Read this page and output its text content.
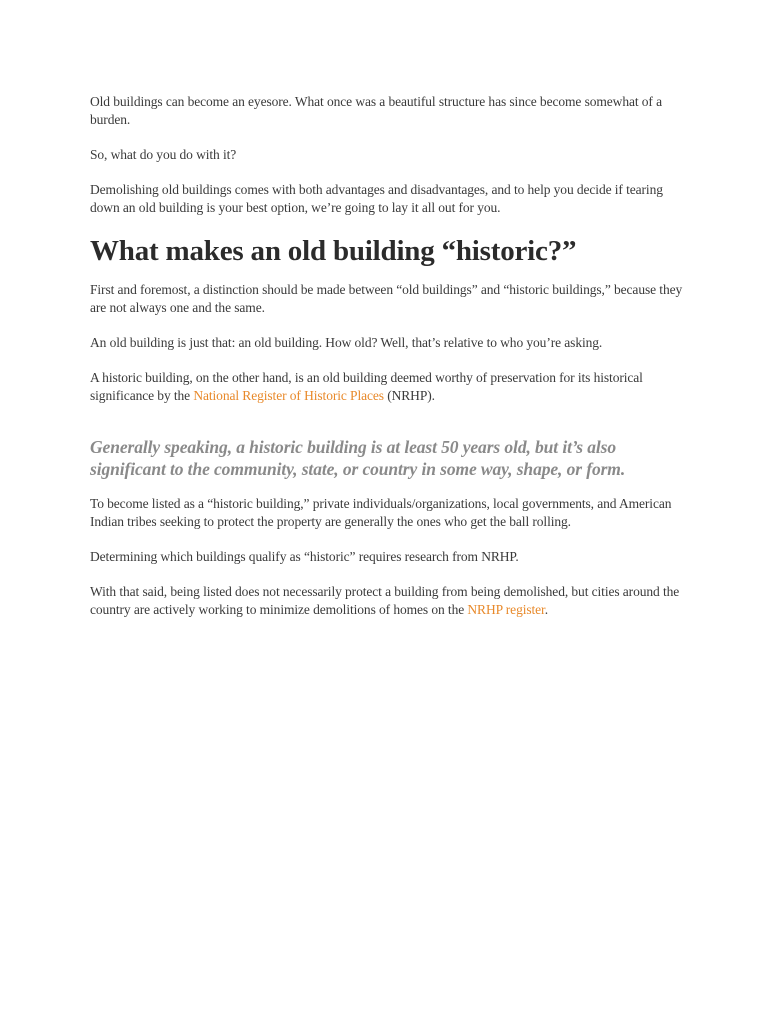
Old buildings can become an eyesore. What once was a beautiful structure has since become somewhat of a burden.

So, what do you do with it?

Demolishing old buildings comes with both advantages and disadvantages, and to help you decide if tearing down an old building is your best option, we’re going to lay it all out for you.

What makes an old building “historic?”

First and foremost, a distinction should be made between “old buildings” and “historic buildings,” because they are not always one and the same.

An old building is just that: an old building. How old? Well, that’s relative to who you’re asking.

A historic building, on the other hand, is an old building deemed worthy of preservation for its historical significance by the National Register of Historic Places (NRHP).

Generally speaking, a historic building is at least 50 years old, but it’s also significant to the community, state, or country in some way, shape, or form.

To become listed as a “historic building,” private individuals/organizations, local governments, and American Indian tribes seeking to protect the property are generally the ones who get the ball rolling.

Determining which buildings qualify as “historic” requires research from NRHP.

With that said, being listed does not necessarily protect a building from being demolished, but cities around the country are actively working to minimize demolitions of homes on the NRHP register.
